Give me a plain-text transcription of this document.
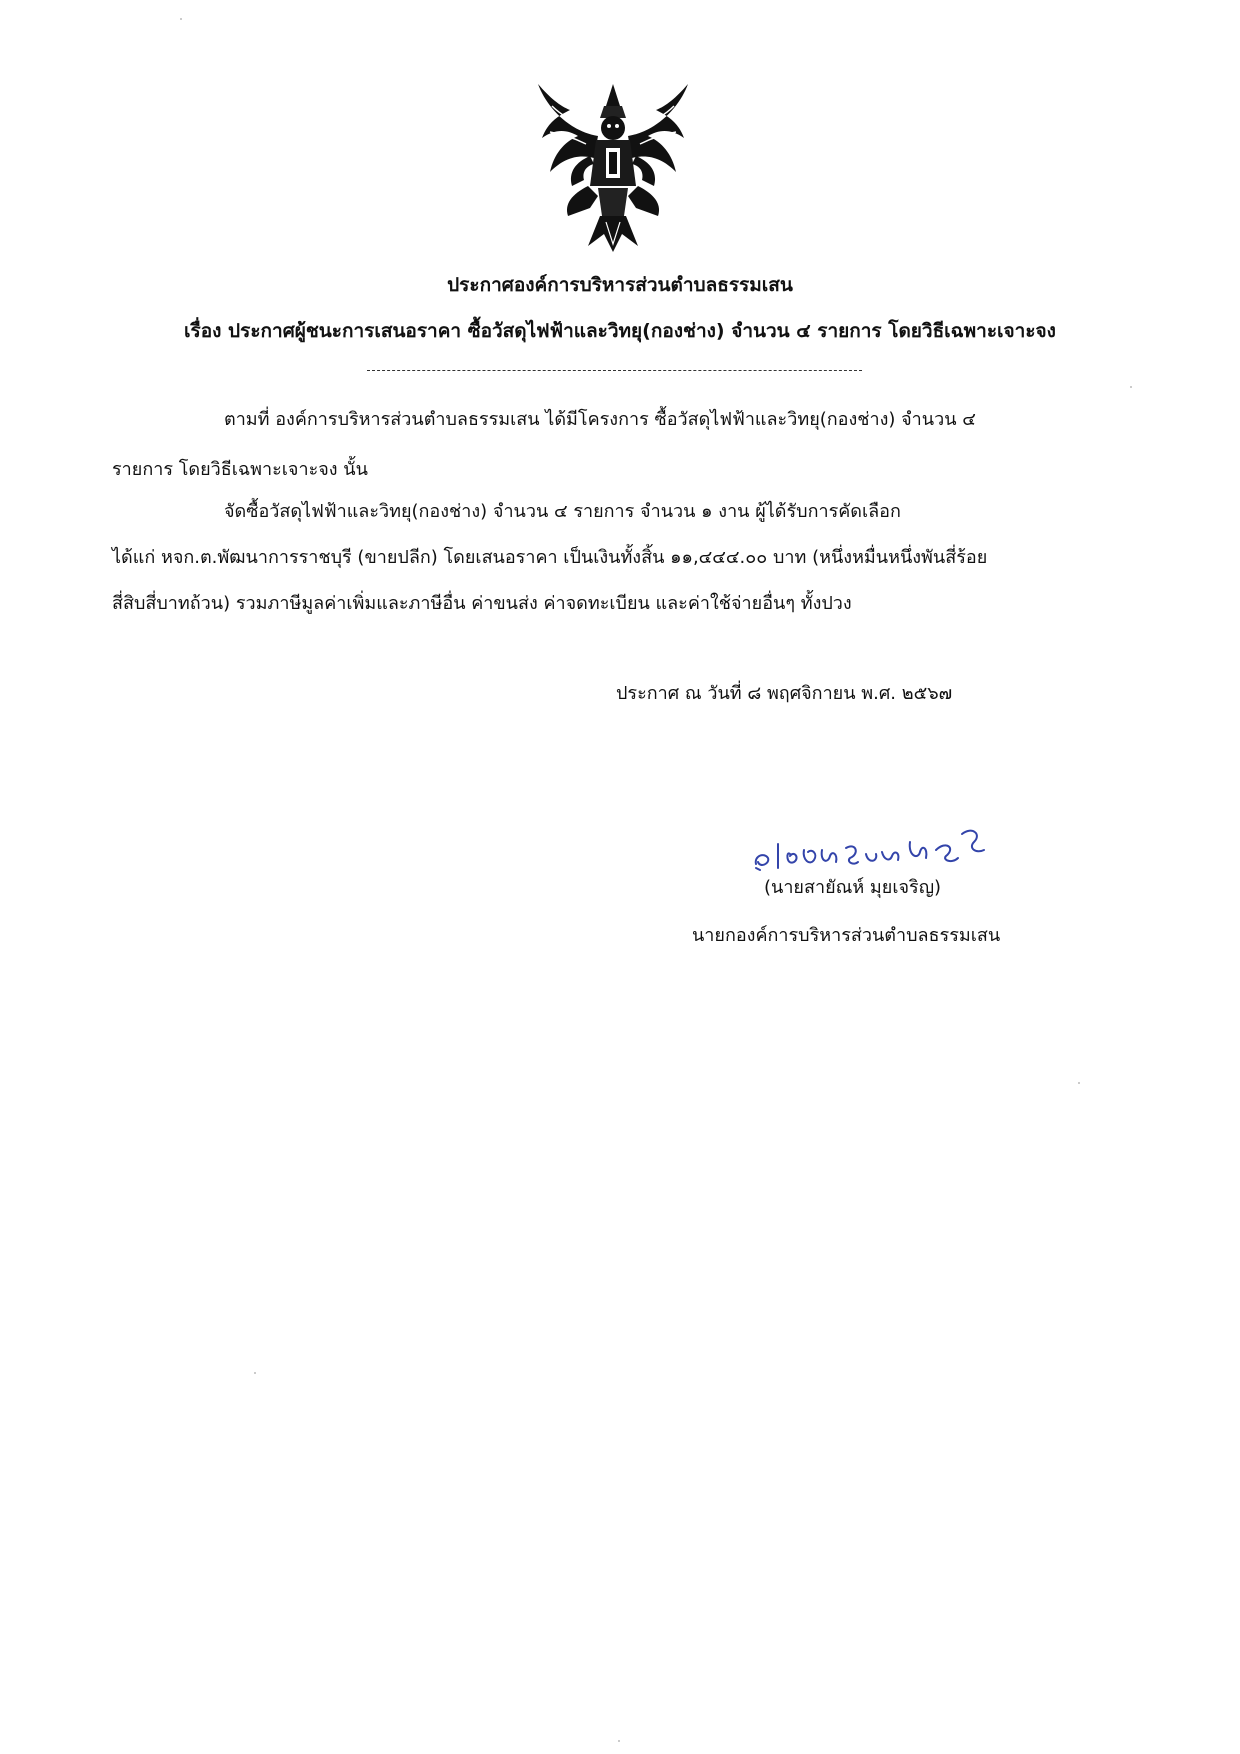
ประกาศองค์การบริหารส่วนตำบลธรรมเสน
เรื่อง ประกาศผู้ชนะการเสนอราคา ซื้อวัสดุไฟฟ้าและวิทยุ(กองช่าง) จำนวน ๔ รายการ โดยวิธีเฉพาะเจาะจง
ตามที่ องค์การบริหารส่วนตำบลธรรมเสน ได้มีโครงการ ซื้อวัสดุไฟฟ้าและวิทยุ(กองช่าง) จำนวน ๔
รายการ โดยวิธีเฉพาะเจาะจง นั้น
จัดซื้อวัสดุไฟฟ้าและวิทยุ(กองช่าง) จำนวน ๔ รายการ จำนวน ๑ งาน ผู้ได้รับการคัดเลือก
ได้แก่ หจก.ต.พัฒนาการราชบุรี (ขายปลีก) โดยเสนอราคา เป็นเงินทั้งสิ้น ๑๑,๔๔๔.๐๐ บาท (หนึ่งหมื่นหนึ่งพันสี่ร้อย
สี่สิบสี่บาทถ้วน) รวมภาษีมูลค่าเพิ่มและภาษีอื่น ค่าขนส่ง ค่าจดทะเบียน และค่าใช้จ่ายอื่นๆ ทั้งปวง
ประกาศ ณ วันที่ ๘ พฤศจิกายน พ.ศ. ๒๕๖๗
(นายสายัณห์ มุยเจริญ)
นายกองค์การบริหารส่วนตำบลธรรมเสน
